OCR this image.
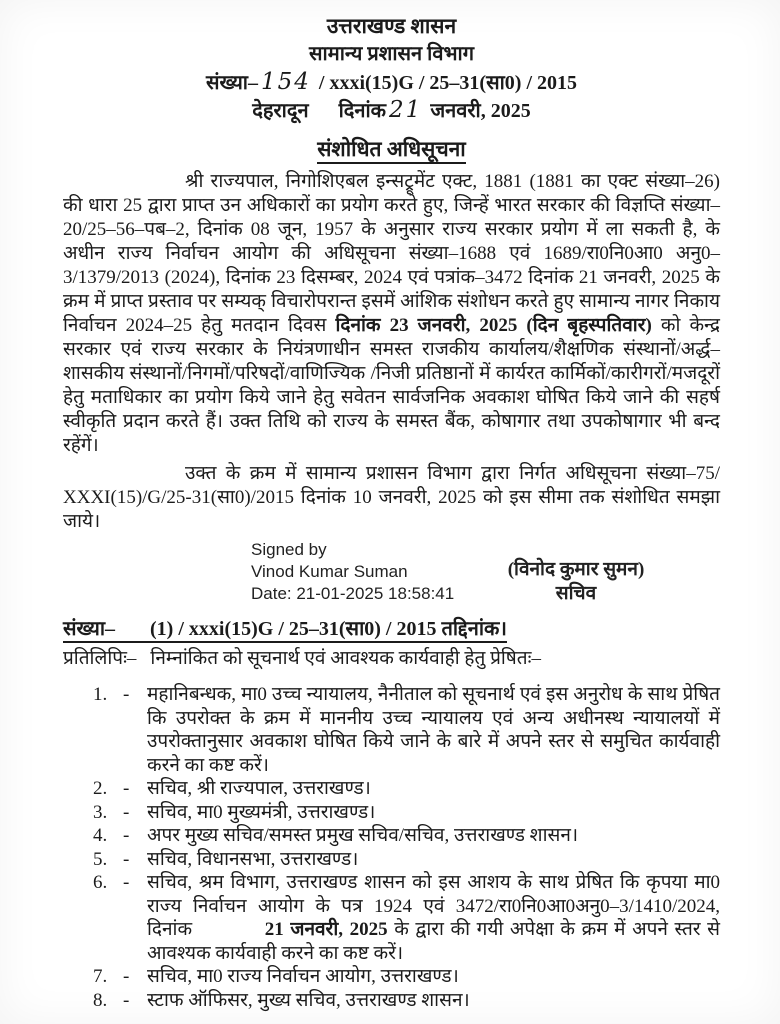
उत्तराखण्ड शासन
सामान्य प्रशासन विभाग
संख्या– 154 / xxxi(15)G / 25–31(सा0) / 2015
देहरादून दिनांक 21 जनवरी, 2025
संशोधित अधिसूचना

श्री राज्यपाल, निगोशिएबल इन्सट्रूमेंट एक्ट, 1881 (1881 का एक्ट संख्या–26) की धारा 25 द्वारा प्राप्त उन अधिकारों का प्रयोग करते हुए, जिन्हें भारत सरकार की विज्ञप्ति संख्या–20/25–56–पब–2, दिनांक 08 जून, 1957 के अनुसार राज्य सरकार प्रयोग में ला सकती है, के अधीन राज्य निर्वाचन आयोग की अधिसूचना संख्या–1688 एवं 1689/रा0नि0आ0 अनु0– 3/1379/2013 (2024), दिनांक 23 दिसम्बर, 2024 एवं पत्रांक–3472 दिनांक 21 जनवरी, 2025 के क्रम में प्राप्त प्रस्ताव पर सम्यक् विचारोपरान्त इसमें आंशिक संशोधन करते हुए सामान्य नागर निकाय निर्वाचन 2024–25 हेतु मतदान दिवस दिनांक 23 जनवरी, 2025 (दिन बृहस्पतिवार) को केन्द्र सरकार एवं राज्य सरकार के नियंत्रणाधीन समस्त राजकीय कार्यालय/शैक्षणिक संस्थानों/अर्द्ध–शासकीय संस्थानों/निगमों/परिषदों/वाणिज्यिक /निजी प्रतिष्ठानों में कार्यरत कार्मिकों/कारीगरों/मजदूरों हेतु मताधिकार का प्रयोग किये जाने हेतु सवेतन सार्वजनिक अवकाश घोषित किये जाने की सहर्ष स्वीकृति प्रदान करते हैं। उक्त तिथि को राज्य के समस्त बैंक, कोषागार तथा उपकोषागार भी बन्द रहेंगें।

उक्त के क्रम में सामान्य प्रशासन विभाग द्वारा निर्गत अधिसूचना संख्या–75/ XXXI(15)/G/25-31(सा0)/2015 दिनांक 10 जनवरी, 2025 को इस सीमा तक संशोधित समझा जाये।

Signed by
Vinod Kumar Suman
Date: 21-01-2025 18:58:41
(विनोद कुमार सुमन)
सचिव
संख्या– (1) / xxxi(15)G / 25–31(सा0) / 2015 तद्दिनांक।
प्रतिलिपिः– निम्नांकित को सूचनार्थ एवं आवश्यक कार्यवाही हेतु प्रेषितः–
1. - महानिबन्धक, मा0 उच्च न्यायालय, नैनीताल को सूचनार्थ एवं इस अनुरोध के साथ प्रेषित कि उपरोक्त के क्रम में माननीय उच्च न्यायालय एवं अन्य अधीनस्थ न्यायालयों में उपरोक्तानुसार अवकाश घोषित किये जाने के बारे में अपने स्तर से समुचित कार्यवाही करने का कष्ट करें।
2. - सचिव, श्री राज्यपाल, उत्तराखण्ड।
3. - सचिव, मा0 मुख्यमंत्री, उत्तराखण्ड।
4. - अपर मुख्य सचिव/समस्त प्रमुख सचिव/सचिव, उत्तराखण्ड शासन।
5. - सचिव, विधानसभा, उत्तराखण्ड।
6. - सचिव, श्रम विभाग, उत्तराखण्ड शासन को इस आशय के साथ प्रेषित कि कृपया मा0 राज्य निर्वाचन आयोग के पत्र 1924 एवं 3472/रा0नि0आ0अनु0–3/1410/2024, दिनांक           21 जनवरी, 2025 के द्वारा की गयी अपेक्षा के क्रम में अपने स्तर से आवश्यक कार्यवाही करने का कष्ट करें।
7. - सचिव, मा0 राज्य निर्वाचन आयोग, उत्तराखण्ड।
8. - स्टाफ ऑफिसर, मुख्य सचिव, उत्तराखण्ड शासन।
